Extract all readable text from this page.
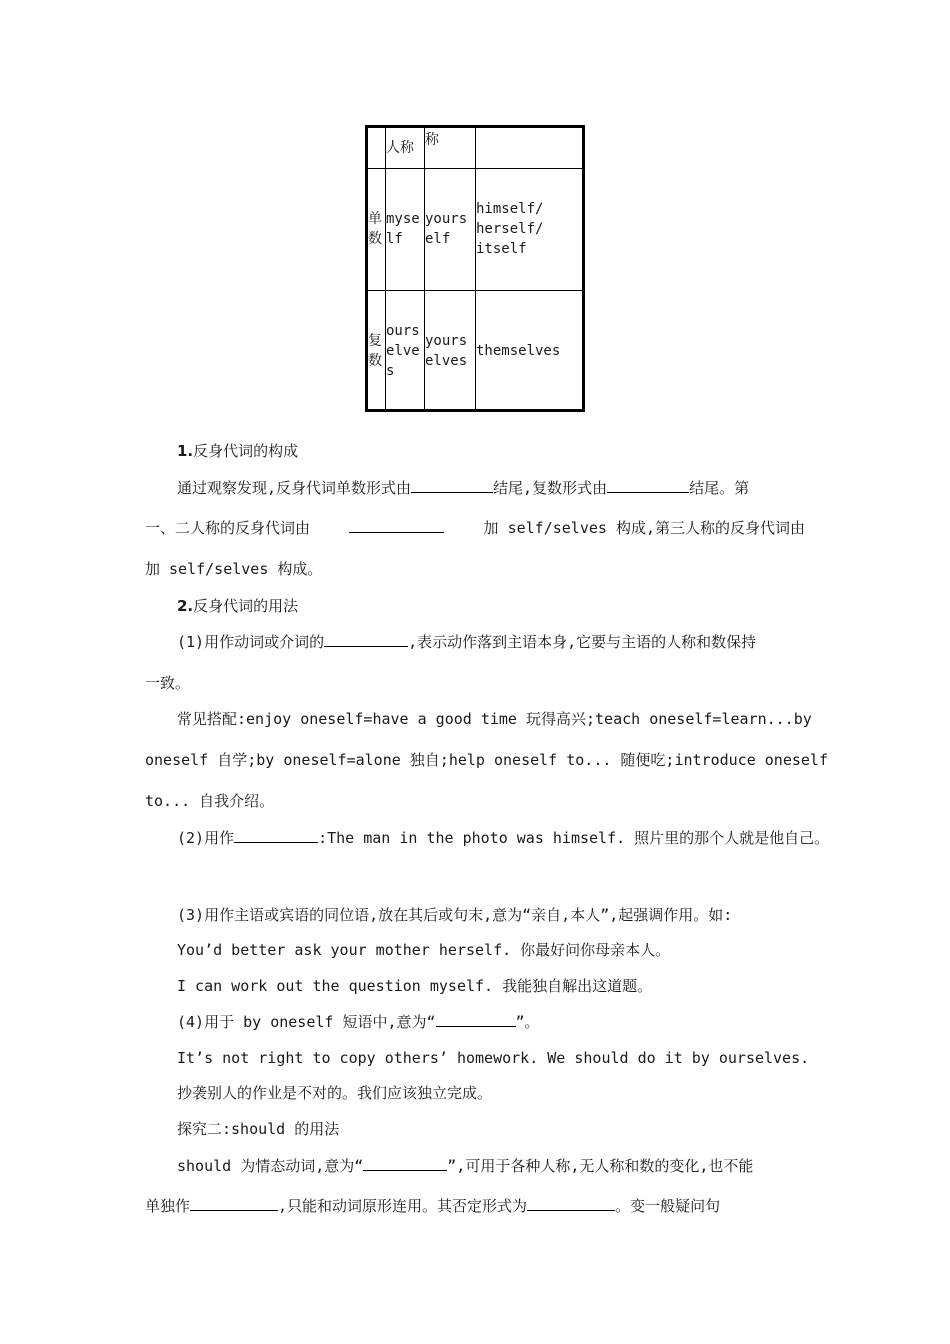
	人称	称	
单数	myself	yourself	himself/
herself/
itself

复数	ourselves	yourselves	themselves
1.反身代词的构成
通过观察发现,反身代词单数形式由	结尾,复数形式由	结尾。第
一、二人称的反身代词由	加 self/selves 构成,第三人称的反身代词由
加 self/selves 构成。
2.反身代词的用法
(1)用作动词或介词的	,表示动作落到主语本身,它要与主语的人称和数保持
一致。
常见搭配:enjoy oneself=have a good time 玩得高兴;teach oneself=learn...by
oneself 自学;by oneself=alone 独自;help oneself to... 随便吃;introduce oneself
to... 自我介绍。
(2)用作	:The man in the photo was himself. 照片里的那个人就是他自己。
(3)用作主语或宾语的同位语,放在其后或句末,意为“亲自,本人”,起强调作用。如:
You’d better ask your mother herself. 你最好问你母亲本人。
I can work out the question myself. 我能独自解出这道题。
(4)用于 by oneself 短语中,意为“	”。
It’s not right to copy others’ homework. We should do it by ourselves.
抄袭别人的作业是不对的。我们应该独立完成。
探究二:should 的用法
should 为情态动词,意为“	”,可用于各种人称,无人称和数的变化,也不能
单独作	,只能和动词原形连用。其否定形式为	。变一般疑问句
